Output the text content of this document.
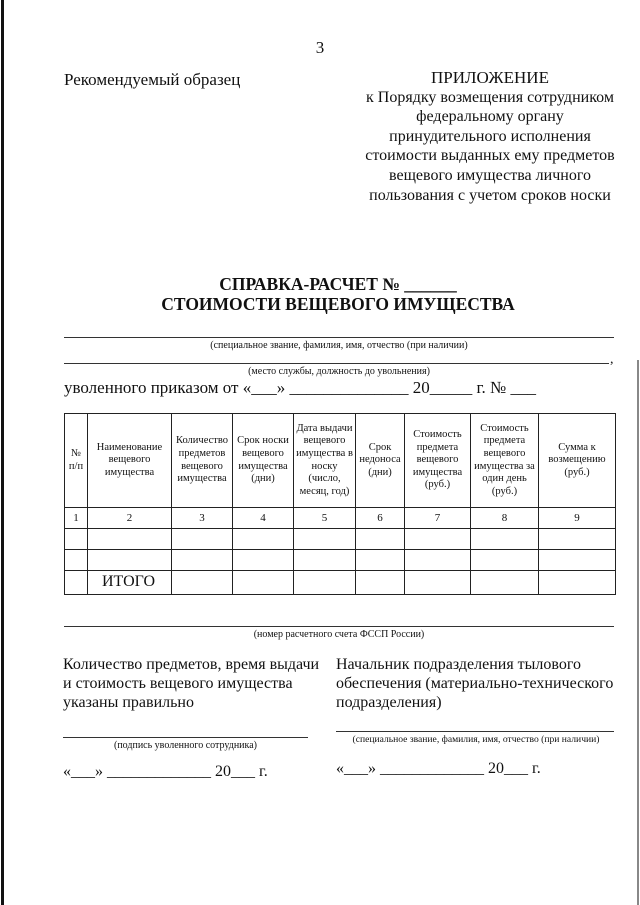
3
Рекомендуемый образец	ПРИЛОЖЕНИЕ
к Порядку возмещения сотрудником
федеральному органу
принудительного исполнения
стоимости выданных ему предметов
вещевого имущества личного
пользования с учетом сроков носки
СПРАВКА-РАСЧЕТ № ______
СТОИМОСТИ ВЕЩЕВОГО ИМУЩЕСТВА
(специальное звание, фамилия, имя, отчество (при наличии)
,
(место службы, должность до увольнения)
уволенного приказом от «___» ______________ 20_____ г. № ___
№ п/п	Наименование вещевого имущества	Количество предметов вещевого имущества	Срок носки вещевого имущества (дни)	Дата выдачи вещевого имущества в носку (число, месяц, год)	Срок недоноса (дни)	Стоимость предмета вещевого имущества (руб.)	Стоимость предмета вещевого имущества за один день (руб.)	Сумма к возмещению (руб.)
1	2	3	4	5	6	7	8	9

	ИТОГО							
(номер расчетного счета ФССП России)
Количество предметов, время выдачи
и стоимость вещевого имущества
указаны правильно
(подпись уволенного сотрудника)
«___» _____________ 20___ г.
Начальник подразделения тылового
обеспечения (материально-технического
подразделения)
(специальное звание, фамилия, имя, отчество (при наличии)
«___» _____________ 20___ г.
